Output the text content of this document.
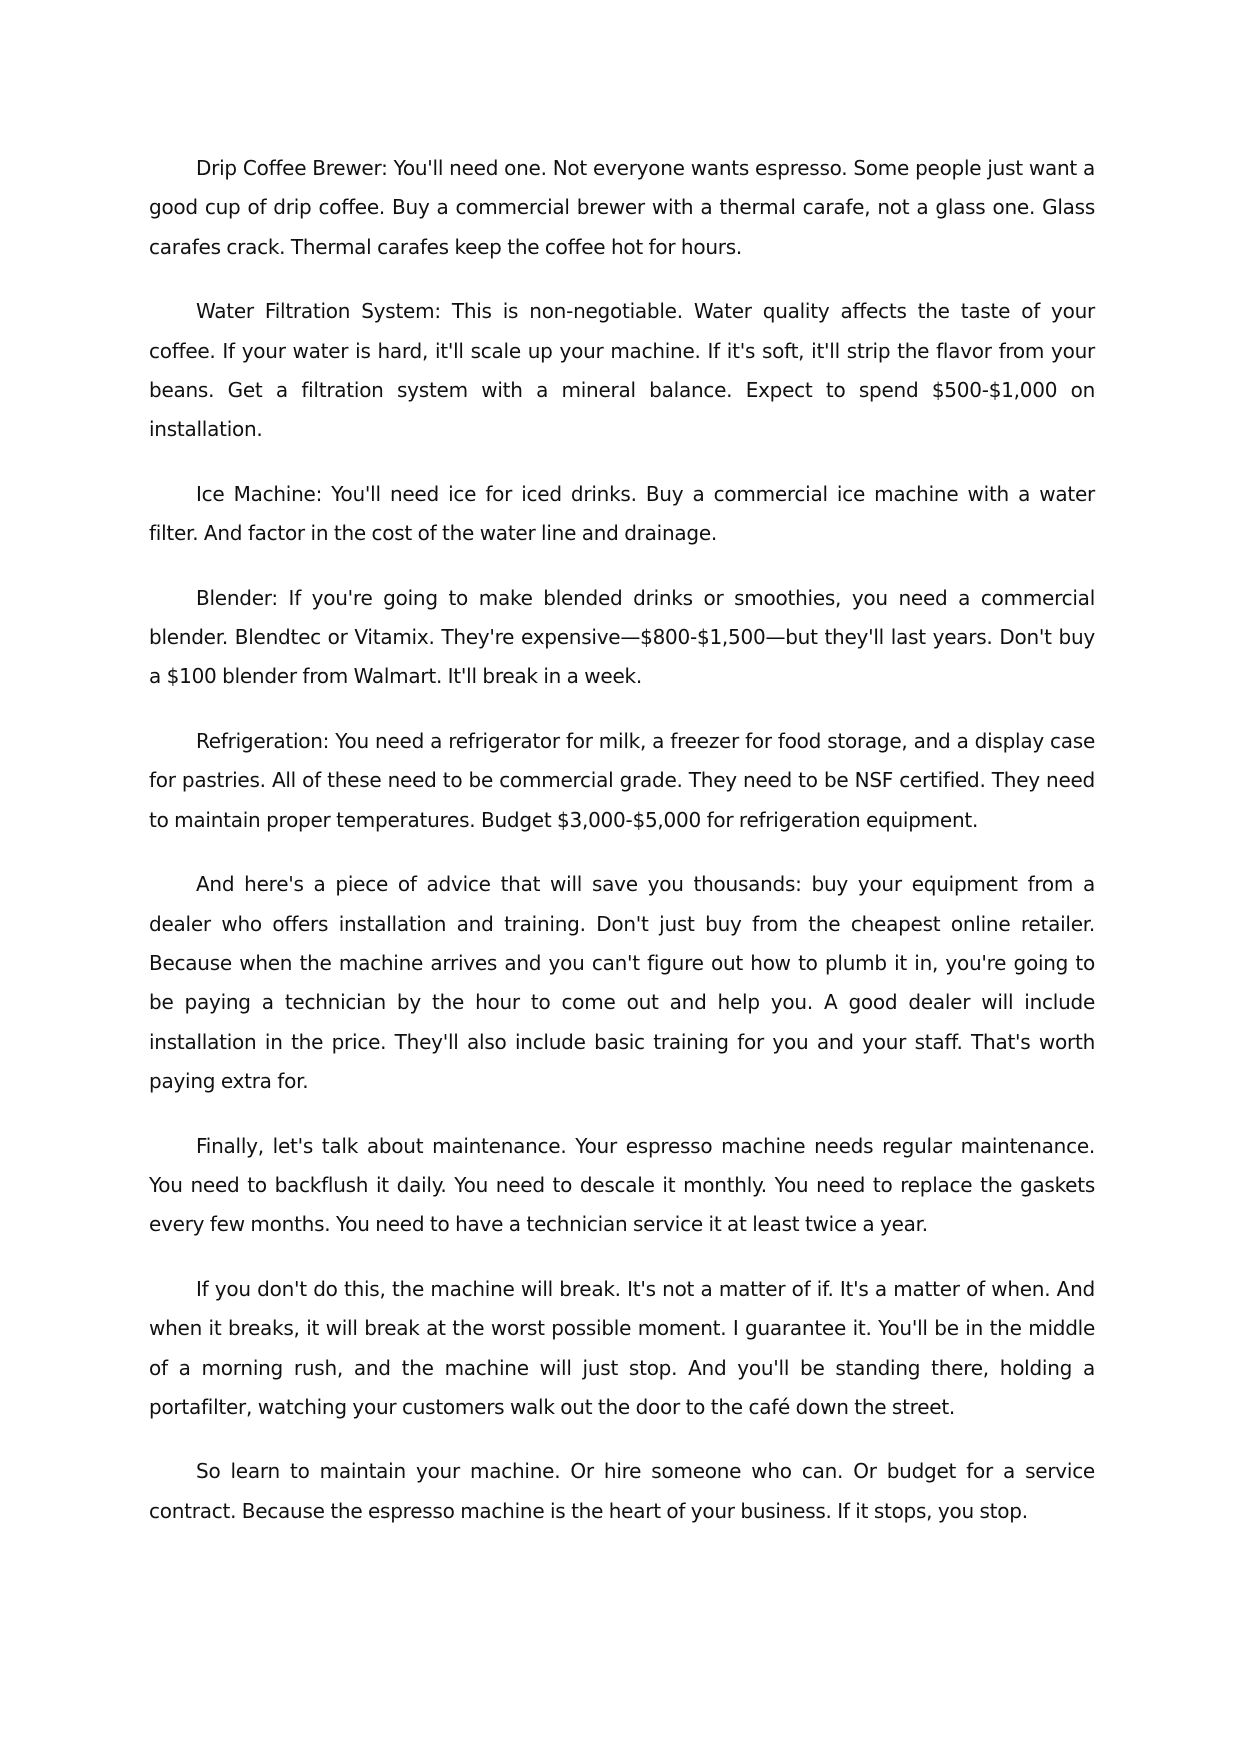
Drip Coffee Brewer: You'll need one. Not everyone wants espresso. Some people just want a good cup of drip coffee. Buy a commercial brewer with a thermal carafe, not a glass one. Glass carafes crack. Thermal carafes keep the coffee hot for hours.

Water Filtration System: This is non-negotiable. Water quality affects the taste of your coffee. If your water is hard, it'll scale up your machine. If it's soft, it'll strip the flavor from your beans. Get a filtration system with a mineral balance. Expect to spend $500-$1,000 on installation.

Ice Machine: You'll need ice for iced drinks. Buy a commercial ice machine with a water filter. And factor in the cost of the water line and drainage.

Blender: If you're going to make blended drinks or smoothies, you need a commercial blender. Blendtec or Vitamix. They're expensive—$800-$1,500—but they'll last years. Don't buy a $100 blender from Walmart. It'll break in a week.

Refrigeration: You need a refrigerator for milk, a freezer for food storage, and a display case for pastries. All of these need to be commercial grade. They need to be NSF certified. They need to maintain proper temperatures. Budget $3,000-$5,000 for refrigeration equipment.

And here's a piece of advice that will save you thousands: buy your equipment from a dealer who offers installation and training. Don't just buy from the cheapest online retailer. Because when the machine arrives and you can't figure out how to plumb it in, you're going to be paying a technician by the hour to come out and help you. A good dealer will include installation in the price. They'll also include basic training for you and your staff. That's worth paying extra for.

Finally, let's talk about maintenance. Your espresso machine needs regular maintenance. You need to backflush it daily. You need to descale it monthly. You need to replace the gaskets every few months. You need to have a technician service it at least twice a year.

If you don't do this, the machine will break. It's not a matter of if. It's a matter of when. And when it breaks, it will break at the worst possible moment. I guarantee it. You'll be in the middle of a morning rush, and the machine will just stop. And you'll be standing there, holding a portafilter, watching your customers walk out the door to the café down the street.

So learn to maintain your machine. Or hire someone who can. Or budget for a service contract. Because the espresso machine is the heart of your business. If it stops, you stop.
